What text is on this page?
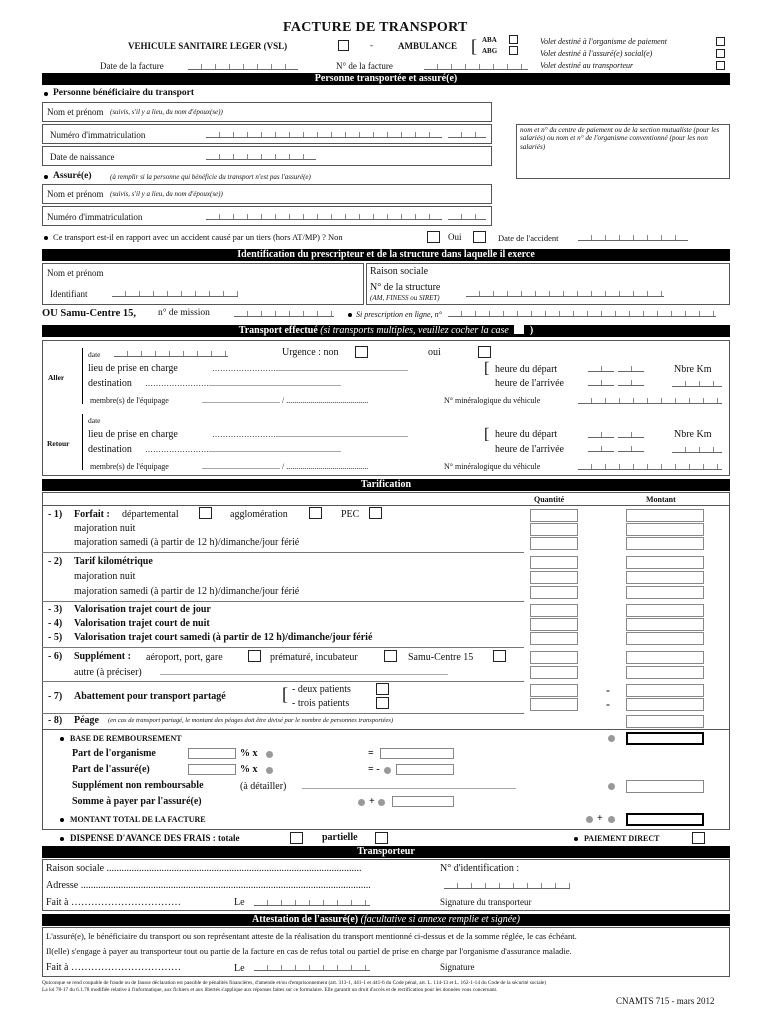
FACTURE DE TRANSPORT
VEHICULE SANITAIRE LEGER (VSL)	-	AMBULANCE [ ABA
ABG
Volet destiné à l'organisme de paiement
Volet destiné à l'assuré(e) social(e)
Volet destiné au transporteur
Date de la facture	N° de la facture
Personne transportée et assuré(e)
Personne bénéficiaire du transport
Nom et prénom (suivis, s'il y a lieu, du nom d'époux(se))
Numéro d'immatriculation
Date de naissance
nom et n° du centre de paiement ou de la section mutualiste (pour les salariés) ou nom et n° de l'organisme conventionné (pour les non salariés)
Assuré(e)	(à remplir si la personne qui bénéficie du transport n'est pas l'assuré(e)
Nom et prénom (suivis, s'il y a lieu, du nom d'époux(se))
Numéro d'immatriculation
Ce transport est-il en rapport avec un accident causé par un tiers (hors AT/MP) ? Non	Oui	Date de l'accident
Identification du prescripteur et de la structure dans laquelle il exerce
Nom et prénom
Identifiant
Raison sociale
N° de la structure
(AM, FINESS ou SIRET)
OU Samu-Centre 15, n° de mission	Si prescription en ligne, n°
Transport effectué (si transports multiples, veuillez cocher la case )
Aller
date	Urgence : non	oui
lieu de prise en charge	……………………..................................................................
destination ……………………..................................................................
[ heure du départ
heure de l'arrivée
Nbre Km
membre(s) de l'équipage	....................................... / .........................................	N° minéralogique du véhicule
Retour
date
lieu de prise en charge	……………………..................................................................
destination ……………………..................................................................
[ heure du départ
heure de l'arrivée
Nbre Km
membre(s) de l'équipage	....................................... / .........................................	N° minéralogique du véhicule
Tarification
Quantité	Montant
- 1) Forfait : départemental	agglomération	PEC
majoration nuit
majoration samedi (à partir de 12 h)/dimanche/jour férié
- 2) Tarif kilométrique
majoration nuit
majoration samedi (à partir de 12 h)/dimanche/jour férié
- 3) Valorisation trajet court de jour
- 4) Valorisation trajet court de nuit
- 5) Valorisation trajet court samedi (à partir de 12 h)/dimanche/jour férié
- 6) Supplément : aéroport, port, gare	prématuré, incubateur	Samu-Centre 15
autre (à préciser) ................................................................................................................................................
- 7) Abattement pour transport partagé	[ - deux patients
- trois patients
-
-
- 8) Péage (en cas de transport partagé, le montant des péages doit être divisé par le nombre de personnes transportées)
BASE DE REMBOURSEMENT
Part de l'organisme	% x	=
Part de l'assuré(e)	% x	= -
Supplément non remboursable	(à détailler) ...........................................................................................................
Somme à payer par l'assuré(e)	+
MONTANT TOTAL DE LA FACTURE	+
DISPENSE D'AVANCE DES FRAIS : totale	partielle	PAIEMENT DIRECT
Transporteur
Raison sociale ......................................................................................................
Adresse ....................................................................................................................
Fait à ……………………………	Le
N° d'identification :
Signature du transporteur
Attestation de l'assuré(e) (facultative si annexe remplie et signée)
L'assuré(e), le bénéficiaire du transport ou son représentant atteste de la réalisation du transport mentionné ci-dessus et de la somme réglée, le cas échéant.
Il(elle) s'engage à payer au transporteur tout ou partie de la facture en cas de refus total ou partiel de prise en charge par l'organisme d'assurance maladie.
Fait à ……………………………	Le	Signature
Quiconque se rend coupable de fraude ou de fausse déclaration est passible de pénalités financières, d'amende et/ou d'emprisonnement (art. 313-1, 441-1 et 441-6 du Code pénal, art. L. 114-13 et L. 162-1-14 du Code de la sécurité sociale)
La loi 78-17 du 6.1.78 modifiée relative à l'informatique, aux fichiers et aux libertés s'applique aux réponses faites sur ce formulaire. Elle garantit un droit d'accès et de rectification pour les données vous concernant.
CNAMTS 715 - mars 2012
